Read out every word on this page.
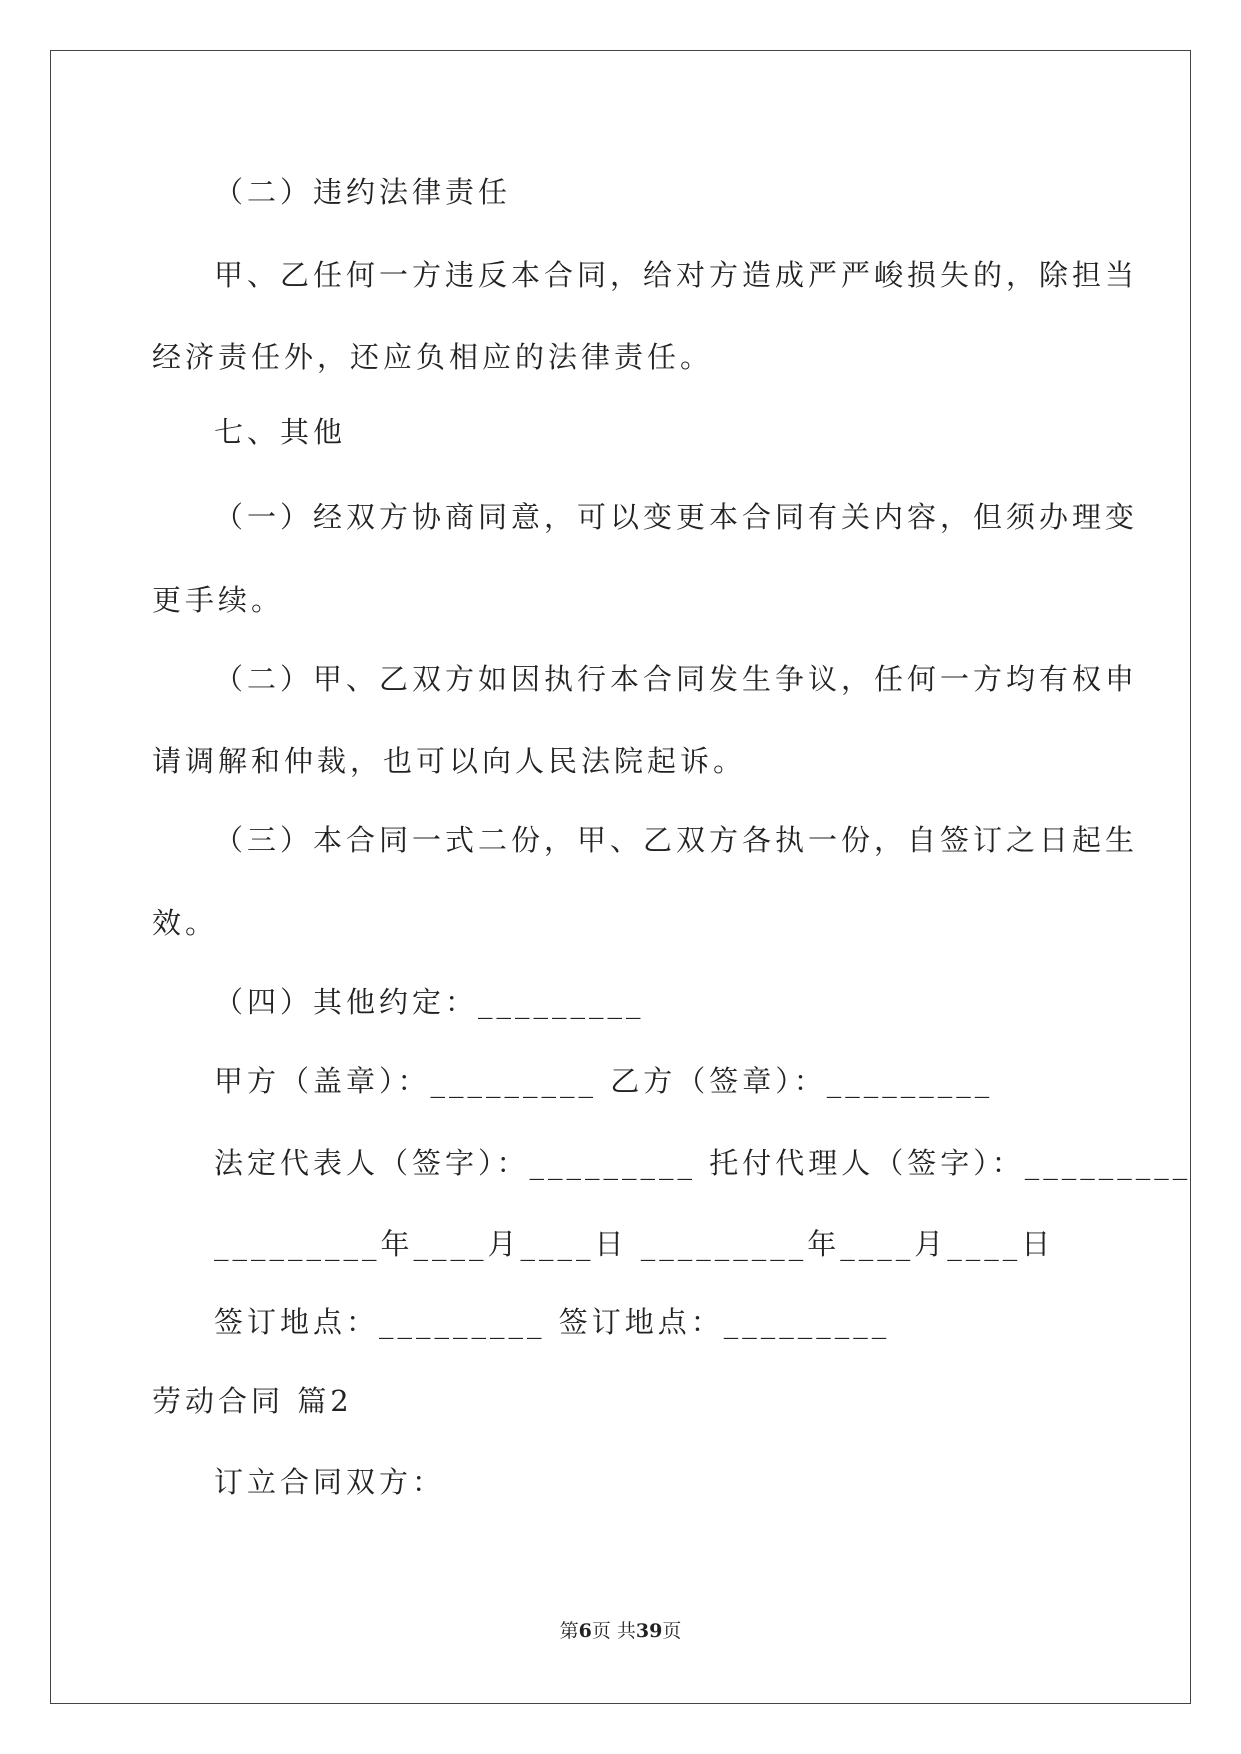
（二）违约法律责任
甲、乙任何一方违反本合同，给对方造成严严峻损失的，除担当
经济责任外，还应负相应的法律责任。
七、其他
（一）经双方协商同意，可以变更本合同有关内容，但须办理变
更手续。
（二）甲、乙双方如因执行本合同发生争议，任何一方均有权申
请调解和仲裁，也可以向人民法院起诉。
（三）本合同一式二份，甲、乙双方各执一份，自签订之日起生
效。
（四）其他约定：_________
甲方（盖章）：_________ 乙方（签章）：_________
法定代表人（签字）：_________ 托付代理人（签字）：_________
_________年____月____日 _________年____月____日
签订地点：_________ 签订地点：_________
劳动合同 篇2
订立合同双方：
第6页 共39页
